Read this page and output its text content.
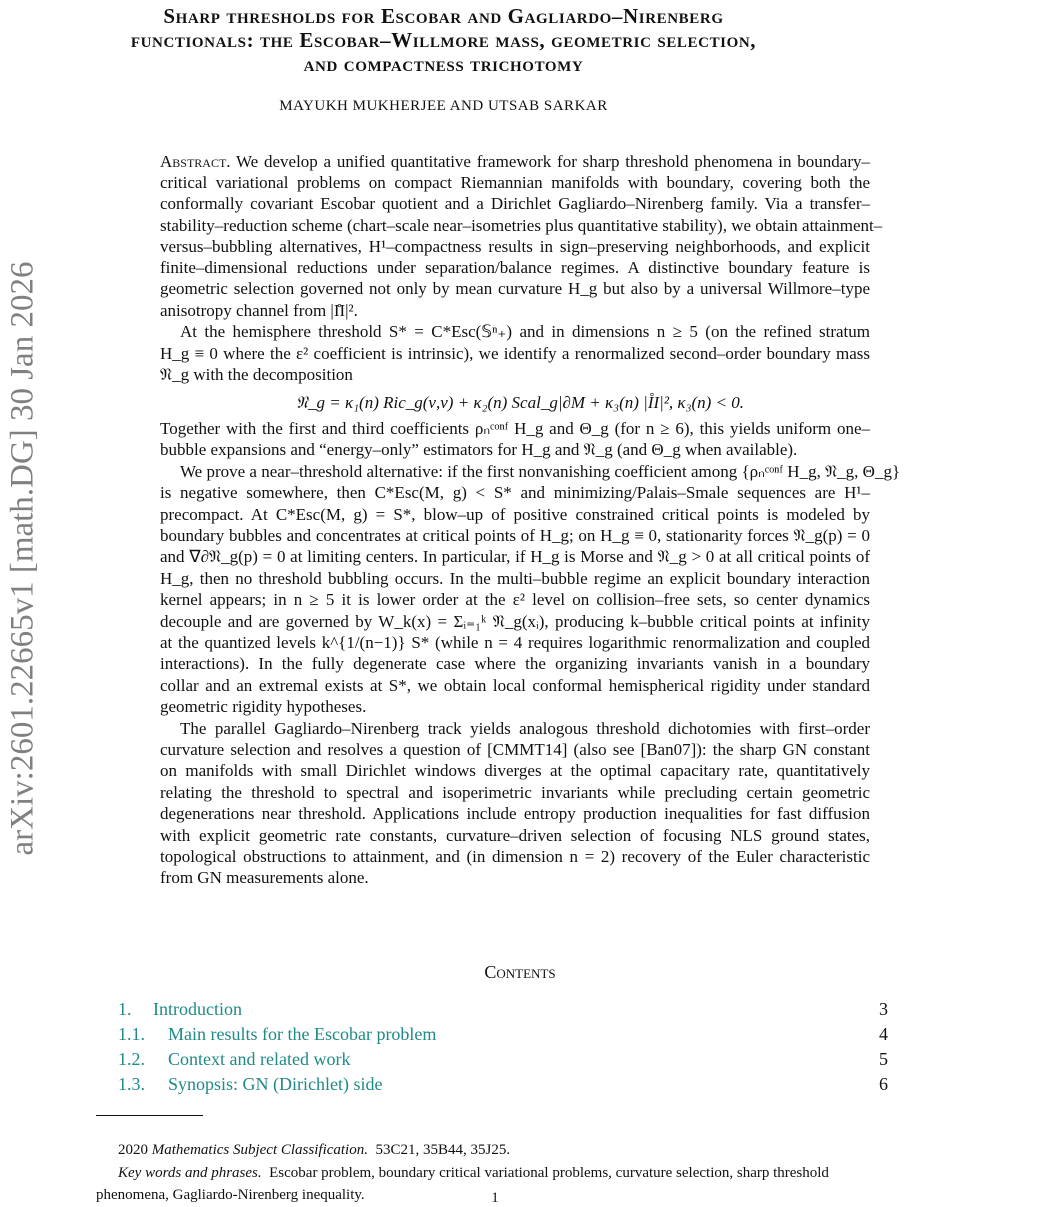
arXiv:2601.22665v1 [math.DG] 30 Jan 2026
Sharp thresholds for Escobar and Gagliardo–Nirenberg
functionals: the Escobar–Willmore mass, geometric selection,
and compactness trichotomy
MAYUKH MUKHERJEE AND UTSAB SARKAR
Abstract. We develop a unified quantitative framework for sharp threshold phenomena in boundary–
critical variational problems on compact Riemannian manifolds with boundary, covering both the
conformally covariant Escobar quotient and a Dirichlet Gagliardo–Nirenberg family. Via a transfer–
stability–reduction scheme (chart–scale near–isometries plus quantitative stability), we obtain attainment–
versus–bubbling alternatives, H¹–compactness results in sign–preserving neighborhoods, and explicit
finite–dimensional reductions under separation/balance regimes. A distinctive boundary feature is
geometric selection governed not only by mean curvature H_g but also by a universal Willmore–type
anisotropy channel from |I̊I|².
At the hemisphere threshold S* = C*Esc(𝕊ⁿ₊) and in dimensions n ≥ 5 (on the refined stratum
H_g ≡ 0 where the ε² coefficient is intrinsic), we identify a renormalized second–order boundary mass
𝔑_g with the decomposition
𝔑_g = κ₁(n) Ric_g(ν,ν) + κ₂(n) Scal_g|∂M + κ₃(n) |I̊I|², κ₃(n) < 0.
Together with the first and third coefficients ρₙᶜᵒⁿᶠ H_g and Θ_g (for n ≥ 6), this yields uniform one–
bubble expansions and “energy–only” estimators for H_g and 𝔑_g (and Θ_g when available).
We prove a near–threshold alternative: if the first nonvanishing coefficient among {ρₙᶜᵒⁿᶠ H_g, 𝔑_g, Θ_g}
is negative somewhere, then C*Esc(M, g) < S* and minimizing/Palais–Smale sequences are H¹–
precompact. At C*Esc(M, g) = S*, blow–up of positive constrained critical points is modeled by
boundary bubbles and concentrates at critical points of H_g; on H_g ≡ 0, stationarity forces 𝔑_g(p) = 0
and ∇∂𝔑_g(p) = 0 at limiting centers. In particular, if H_g is Morse and 𝔑_g > 0 at all critical points of
H_g, then no threshold bubbling occurs. In the multi–bubble regime an explicit boundary interaction
kernel appears; in n ≥ 5 it is lower order at the ε² level on collision–free sets, so center dynamics
decouple and are governed by W_k(x) = Σᵢ₌₁ᵏ 𝔑_g(xᵢ), producing k–bubble critical points at infinity
at the quantized levels k^{1/(n−1)} S* (while n = 4 requires logarithmic renormalization and coupled
interactions). In the fully degenerate case where the organizing invariants vanish in a boundary
collar and an extremal exists at S*, we obtain local conformal hemispherical rigidity under standard
geometric rigidity hypotheses.
The parallel Gagliardo–Nirenberg track yields analogous threshold dichotomies with first–order
curvature selection and resolves a question of [CMMT14] (also see [Ban07]): the sharp GN constant
on manifolds with small Dirichlet windows diverges at the optimal capacitary rate, quantitatively
relating the threshold to spectral and isoperimetric invariants while precluding certain geometric
degenerations near threshold. Applications include entropy production inequalities for fast diffusion
with explicit geometric rate constants, curvature–driven selection of focusing NLS ground states,
topological obstructions to attainment, and (in dimension n = 2) recovery of the Euler characteristic
from GN measurements alone.
Contents
1. Introduction	3
1.1. Main results for the Escobar problem	4
1.2. Context and related work	5
1.3. Synopsis: GN (Dirichlet) side	6
2020 Mathematics Subject Classification. 53C21, 35B44, 35J25.
Key words and phrases. Escobar problem, boundary critical variational problems, curvature selection, sharp threshold
phenomena, Gagliardo-Nirenberg inequality.	1
